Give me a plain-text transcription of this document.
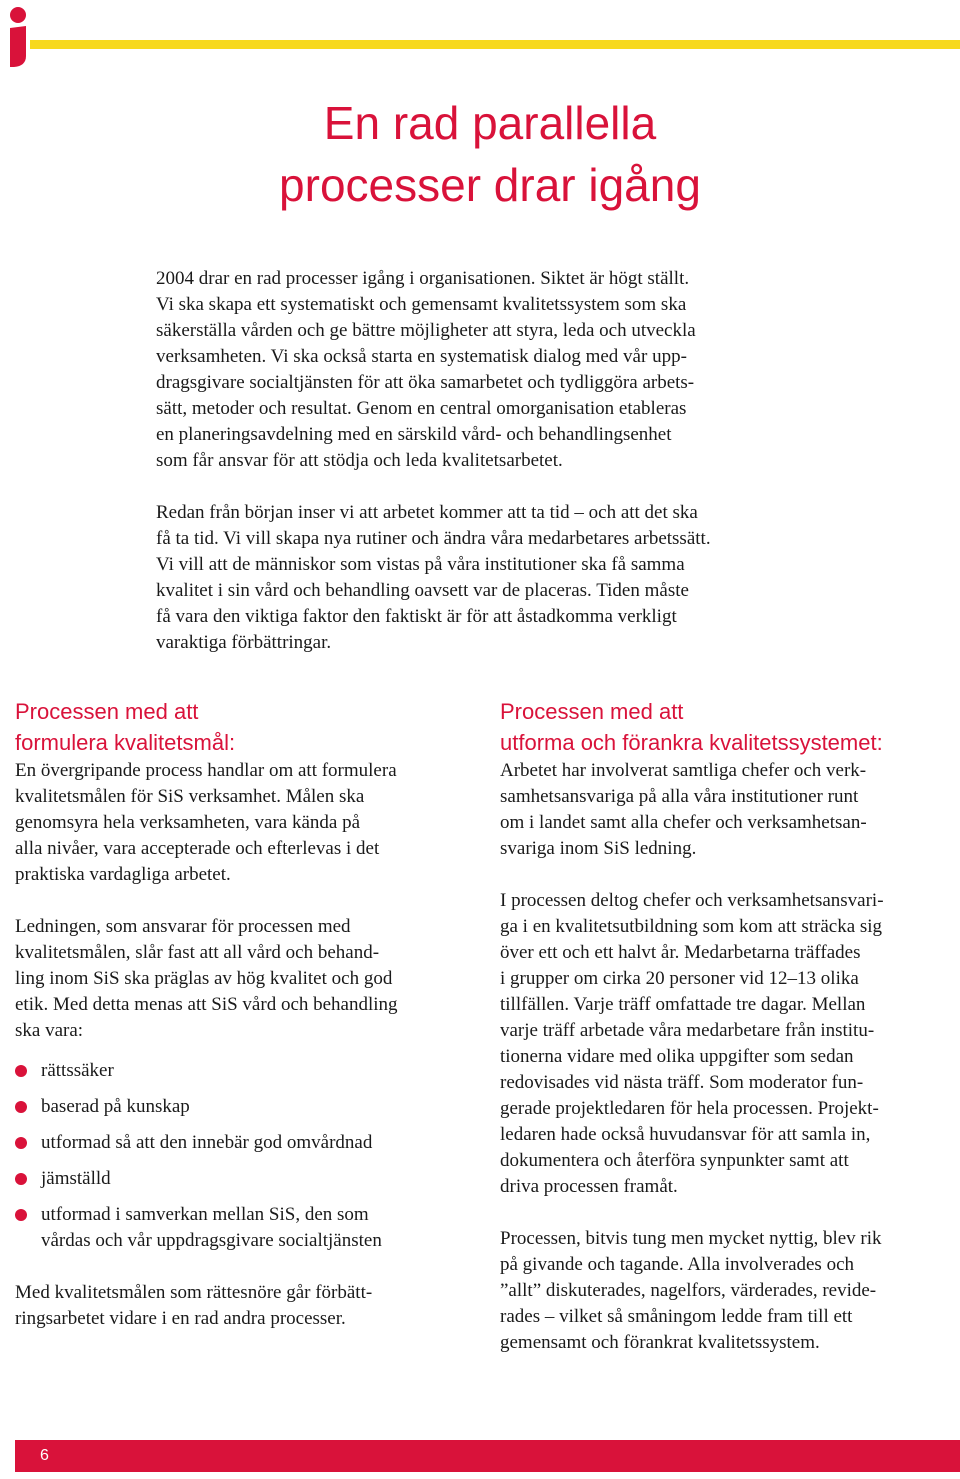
En rad parallella
processer drar igång

2004 drar en rad processer igång i organisationen. Siktet är högt ställt.
Vi ska skapa ett systematiskt och gemensamt kvalitetssystem som ska
säkerställa vården och ge bättre möjligheter att styra, leda och utveckla
verksamheten. Vi ska också starta en systematisk dialog med vår upp-
dragsgivare socialtjänsten för att öka samarbetet och tydliggöra arbets-
sätt, metoder och resultat. Genom en central omorganisation etableras
en planeringsavdelning med en särskild vård- och behandlingsenhet
som får ansvar för att stödja och leda kvalitetsarbetet.

Redan från början inser vi att arbetet kommer att ta tid – och att det ska
få ta tid. Vi vill skapa nya rutiner och ändra våra medarbetares arbetssätt.
Vi vill att de människor som vistas på våra institutioner ska få samma
kvalitet i sin vård och behandling oavsett var de placeras. Tiden måste
få vara den viktiga faktor den faktiskt är för att åstadkomma verkligt
varaktiga förbättringar.

Processen med att
formulera kvalitetsmål:

En övergripande process handlar om att formulera
kvalitetsmålen för SiS verksamhet. Målen ska
genomsyra hela verksamheten, vara kända på
alla nivåer, vara accepterade och efterlevas i det
praktiska vardagliga arbetet.

Ledningen, som ansvarar för processen med
kvalitetsmålen, slår fast att all vård och behand-
ling inom SiS ska präglas av hög kvalitet och god
etik. Med detta menas att SiS vård och behandling
ska vara:

rättssäker
baserad på kunskap
utformad så att den innebär god omvårdnad
jämställd
utformad i samverkan mellan SiS, den som
vårdas och vår uppdragsgivare socialtjänsten

Med kvalitetsmålen som rättesnöre går förbätt-
ringsarbetet vidare i en rad andra processer.

Processen med att
utforma och förankra kvalitetssystemet:

Arbetet har involverat samtliga chefer och verk-
samhetsansvariga på alla våra institutioner runt
om i landet samt alla chefer och verksamhetsan-
svariga inom SiS ledning.

I processen deltog chefer och verksamhetsansvari-
ga i en kvalitetsutbildning som kom att sträcka sig
över ett och ett halvt år. Medarbetarna träffades
i grupper om cirka 20 personer vid 12–13 olika
tillfällen. Varje träff omfattade tre dagar. Mellan
varje träff arbetade våra medarbetare från institu-
tionerna vidare med olika uppgifter som sedan
redovisades vid nästa träff. Som moderator fun-
gerade projektledaren för hela processen. Projekt-
ledaren hade också huvudansvar för att samla in,
dokumentera och återföra synpunkter samt att
driva processen framåt.

Processen, bitvis tung men mycket nyttig, blev rik
på givande och tagande. Alla involverades och
”allt” diskuterades, nagelfors, värderades, revide-
rades – vilket så småningom ledde fram till ett
gemensamt och förankrat kvalitetssystem.

6
